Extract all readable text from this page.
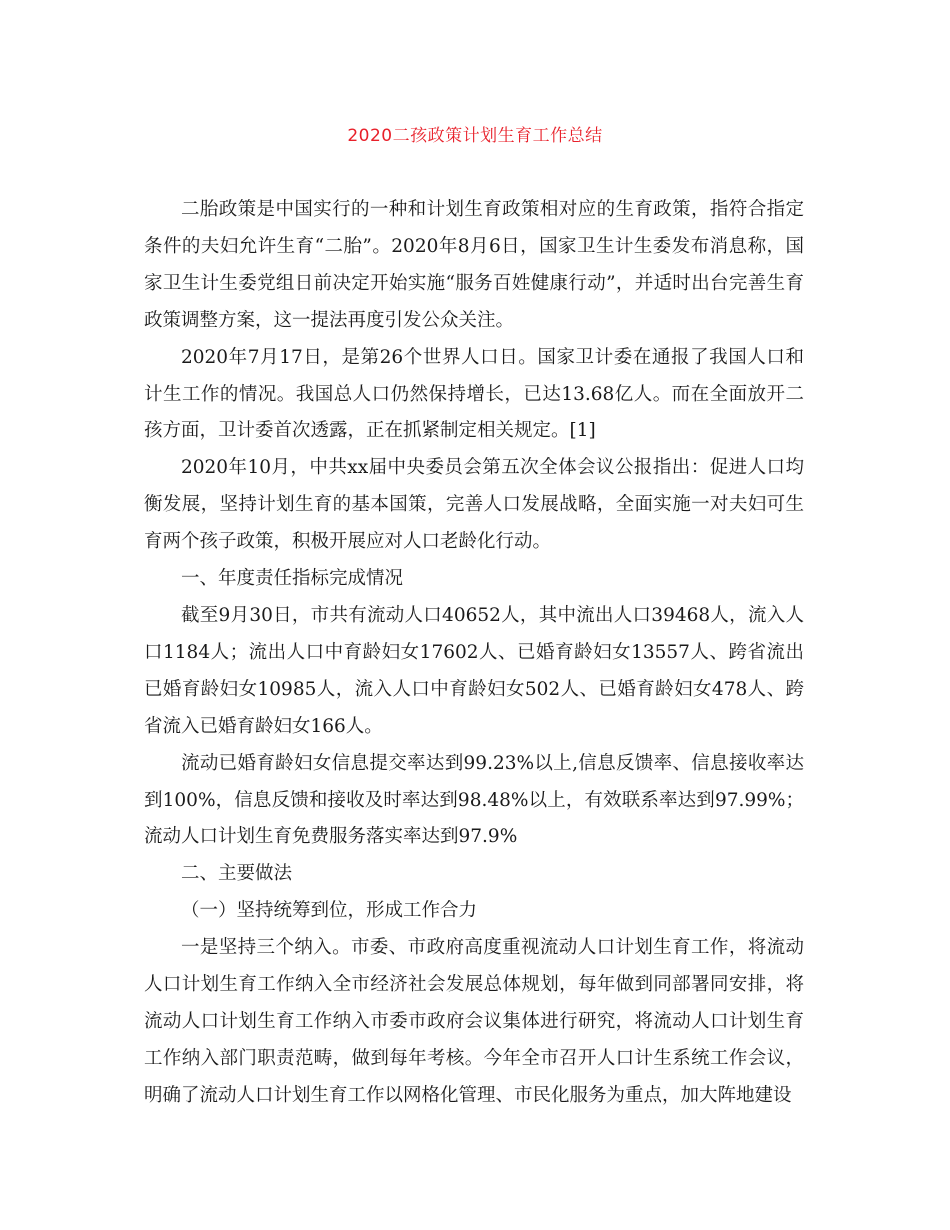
2020二孩政策计划生育工作总结

二胎政策是中国实行的一种和计划生育政策相对应的生育政策，指符合指定条件的夫妇允许生育“二胎”。2020年8月6日，国家卫生计生委发布消息称，国家卫生计生委党组日前决定开始实施“服务百姓健康行动”，并适时出台完善生育政策调整方案，这一提法再度引发公众关注。

2020年7月17日，是第26个世界人口日。国家卫计委在通报了我国人口和计生工作的情况。我国总人口仍然保持增长，已达13.68亿人。而在全面放开二孩方面，卫计委首次透露，正在抓紧制定相关规定。[1]

2020年10月，中共xx届中央委员会第五次全体会议公报指出：促进人口均衡发展，坚持计划生育的基本国策，完善人口发展战略，全面实施一对夫妇可生育两个孩子政策，积极开展应对人口老龄化行动。

一、年度责任指标完成情况

截至9月30日，市共有流动人口40652人，其中流出人口39468人，流入人口1184人；流出人口中育龄妇女17602人、已婚育龄妇女13557人、跨省流出已婚育龄妇女10985人，流入人口中育龄妇女502人、已婚育龄妇女478人、跨省流入已婚育龄妇女166人。

流动已婚育龄妇女信息提交率达到99.23%以上,信息反馈率、信息接收率达到100%，信息反馈和接收及时率达到98.48%以上，有效联系率达到97.99%；流动人口计划生育免费服务落实率达到97.9%

二、主要做法

（一）坚持统筹到位，形成工作合力

一是坚持三个纳入。市委、市政府高度重视流动人口计划生育工作，将流动人口计划生育工作纳入全市经济社会发展总体规划，每年做到同部署同安排，将流动人口计划生育工作纳入市委市政府会议集体进行研究，将流动人口计划生育工作纳入部门职责范畴，做到每年考核。今年全市召开人口计生系统工作会议，明确了流动人口计划生育工作以网格化管理、市民化服务为重点，加大阵地建设
